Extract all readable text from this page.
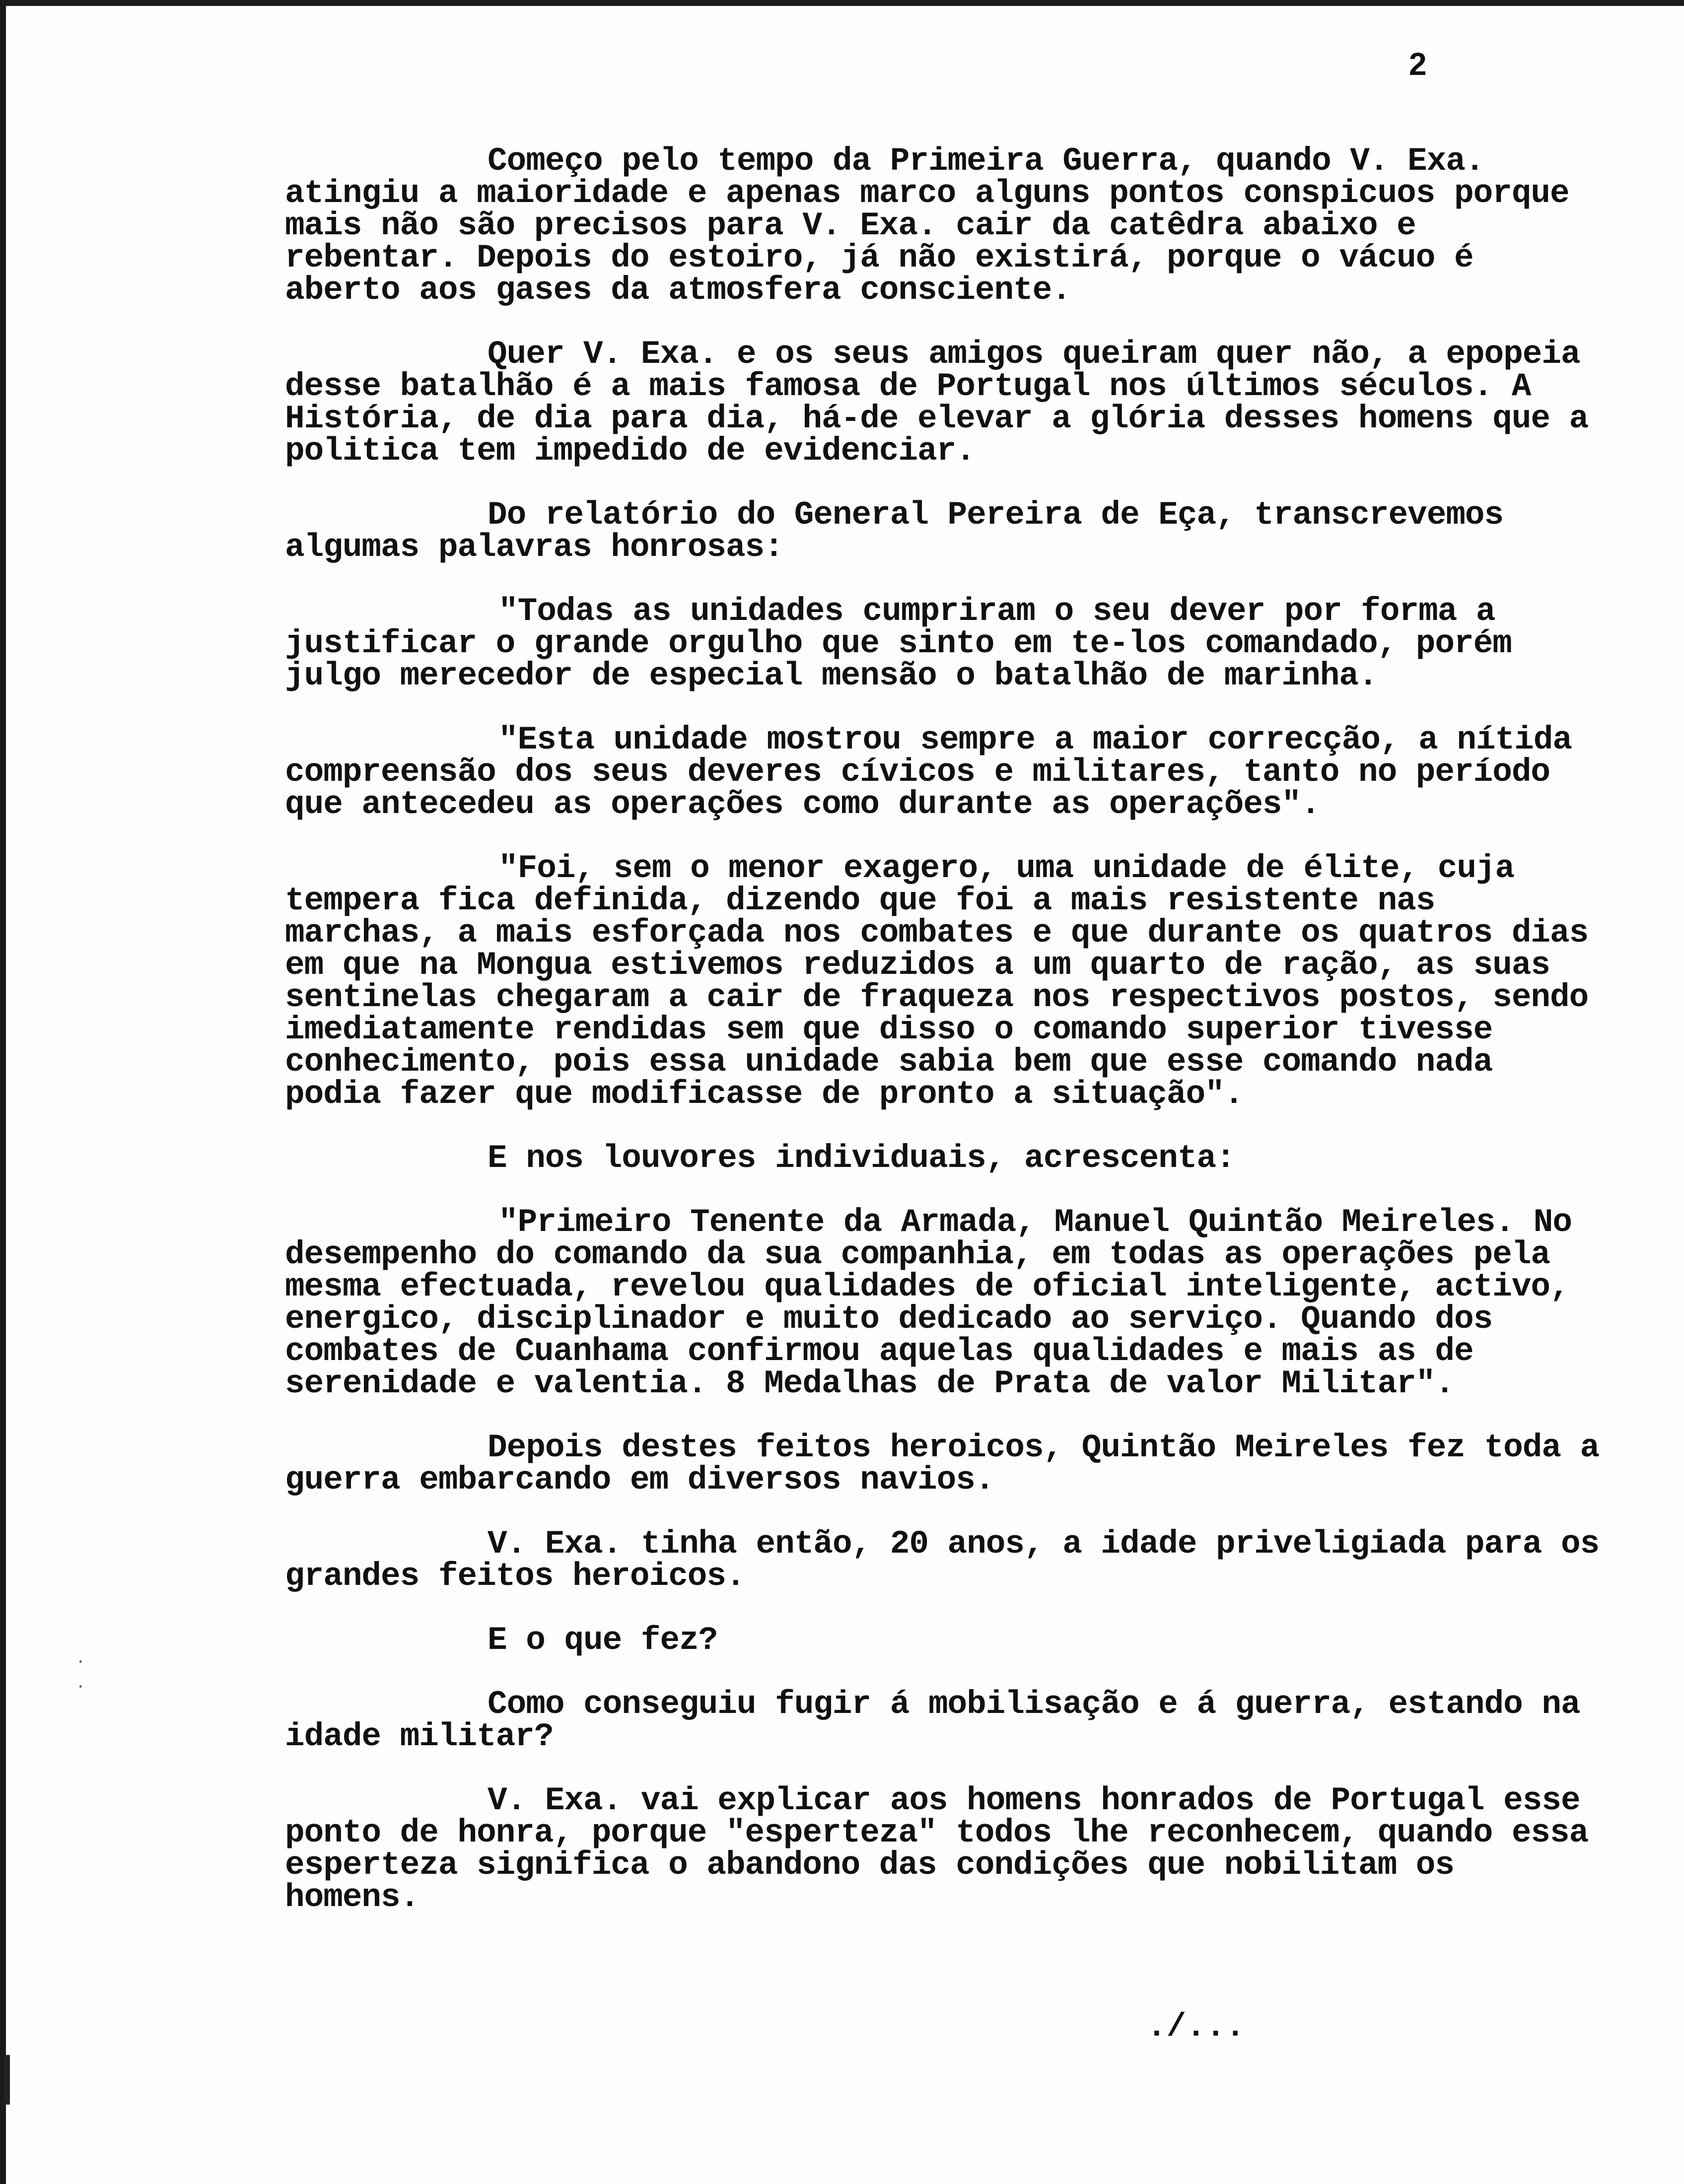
2

Começo pelo tempo da Primeira Guerra, quando V. Exa. atingiu a maioridade e apenas marco alguns pontos conspicuos porque mais não são precisos para V. Exa. cair da catêdra abaixo e rebentar. Depois do estoiro, já não existirá, porque o vácuo é aberto aos gases da atmosfera consciente.

Quer V. Exa. e os seus amigos queiram quer não, a epopeia desse batalhão é a mais famosa de Portugal nos últimos séculos. A História, de dia para dia, há-de elevar a glória desses homens que a politica tem impedido de evidenciar.

Do relatório do General Pereira de Eça, transcrevemos algumas palavras honrosas:

"Todas as unidades cumpriram o seu dever por forma a justificar o grande orgulho que sinto em te-los comandado, porém julgo merecedor de especial mensão o batalhão de marinha.

"Esta unidade mostrou sempre a maior correcção, a nítida compreensão dos seus deveres cívicos e militares, tanto no período que antecedeu as operações como durante as operações".

"Foi, sem o menor exagero, uma unidade de élite, cuja tempera fica definida, dizendo que foi a mais resistente nas marchas, a mais esforçada nos combates e que durante os quatros dias em que na Mongua estivemos reduzidos a um quarto de ração, as suas sentinelas chegaram a cair de fraqueza nos respectivos postos, sendo imediatamente rendidas sem que disso o comando superior tivesse conhecimento, pois essa unidade sabia bem que esse comando nada podia fazer que modificasse de pronto a situação".

E nos louvores individuais, acrescenta:

"Primeiro Tenente da Armada, Manuel Quintão Meireles. No desempenho do comando da sua companhia, em todas as operações pela mesma efectuada, revelou qualidades de oficial inteligente, activo, energico, disciplinador e muito dedicado ao serviço. Quando dos combates de Cuanhama confirmou aquelas qualidades e mais as de serenidade e valentia. 8 Medalhas de Prata de valor Militar".

Depois destes feitos heroicos, Quintão Meireles fez toda a guerra embarcando em diversos navios.

V. Exa. tinha então, 20 anos, a idade priveligiada para os grandes feitos heroicos.

E o que fez?

Como conseguiu fugir á mobilisação e á guerra, estando na idade militar?

V. Exa. vai explicar aos homens honrados de Portugal esse ponto de honra, porque "esperteza" todos lhe reconhecem, quando essa esperteza significa o abandono das condições que nobilitam os homens.

./...
·
·
